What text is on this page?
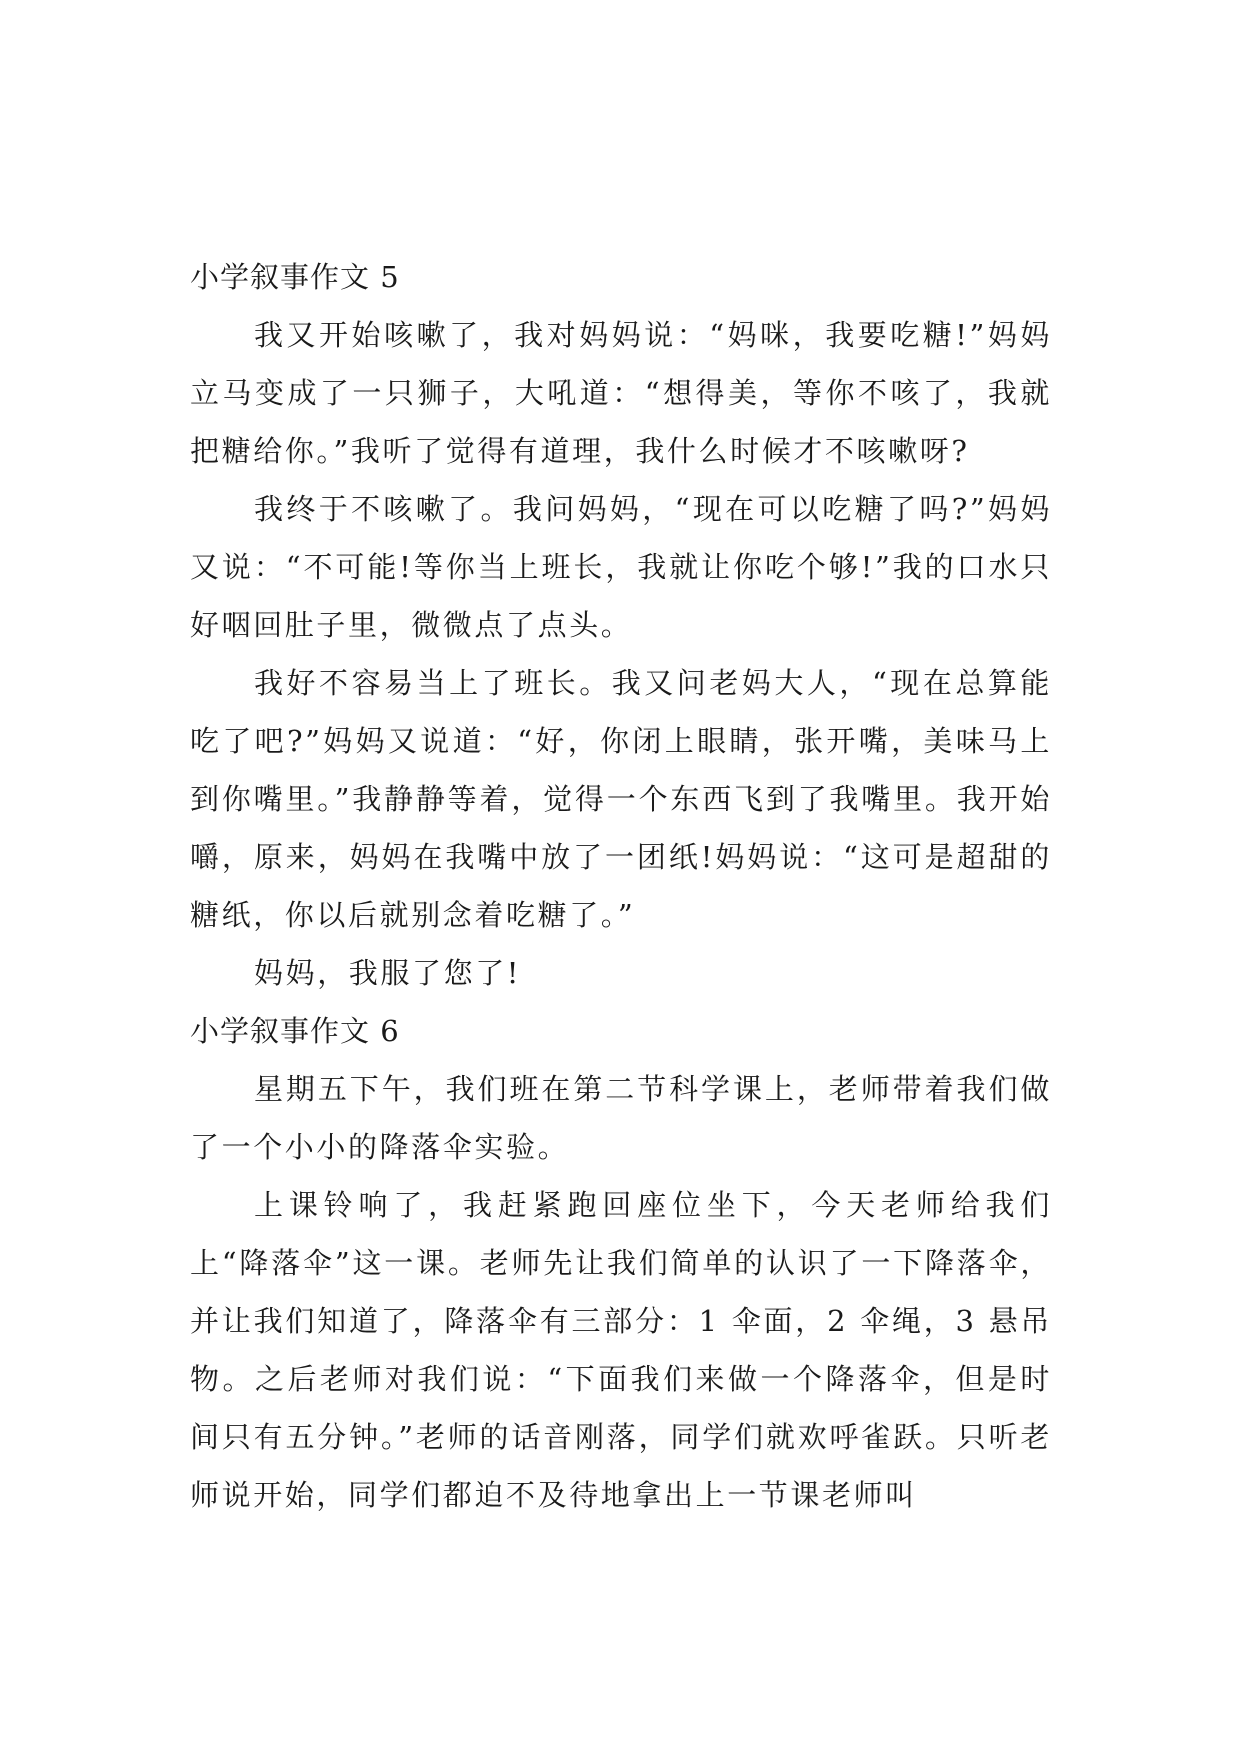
小学叙事作文 5

我又开始咳嗽了，我对妈妈说：“妈咪，我要吃糖!”妈妈立马变成了一只狮子，大吼道：“想得美，等你不咳了，我就把糖给你。”我听了觉得有道理，我什么时候才不咳嗽呀?

我终于不咳嗽了。我问妈妈，“现在可以吃糖了吗?”妈妈又说：“不可能!等你当上班长，我就让你吃个够!”我的口水只好咽回肚子里，微微点了点头。

我好不容易当上了班长。我又问老妈大人，“现在总算能吃了吧?”妈妈又说道：“好，你闭上眼睛，张开嘴，美味马上到你嘴里。”我静静等着，觉得一个东西飞到了我嘴里。我开始嚼，原来，妈妈在我嘴中放了一团纸!妈妈说：“这可是超甜的糖纸，你以后就别念着吃糖了。”

妈妈，我服了您了!

小学叙事作文 6

星期五下午，我们班在第二节科学课上，老师带着我们做了一个小小的降落伞实验。

上课铃响了，我赶紧跑回座位坐下，今天老师给我们上“降落伞”这一课。老师先让我们简单的认识了一下降落伞，并让我们知道了，降落伞有三部分：1 伞面，2 伞绳，3 悬吊物。之后老师对我们说：“下面我们来做一个降落伞，但是时间只有五分钟。”老师的话音刚落，同学们就欢呼雀跃。只听老师说开始，同学们都迫不及待地拿出上一节课老师叫
